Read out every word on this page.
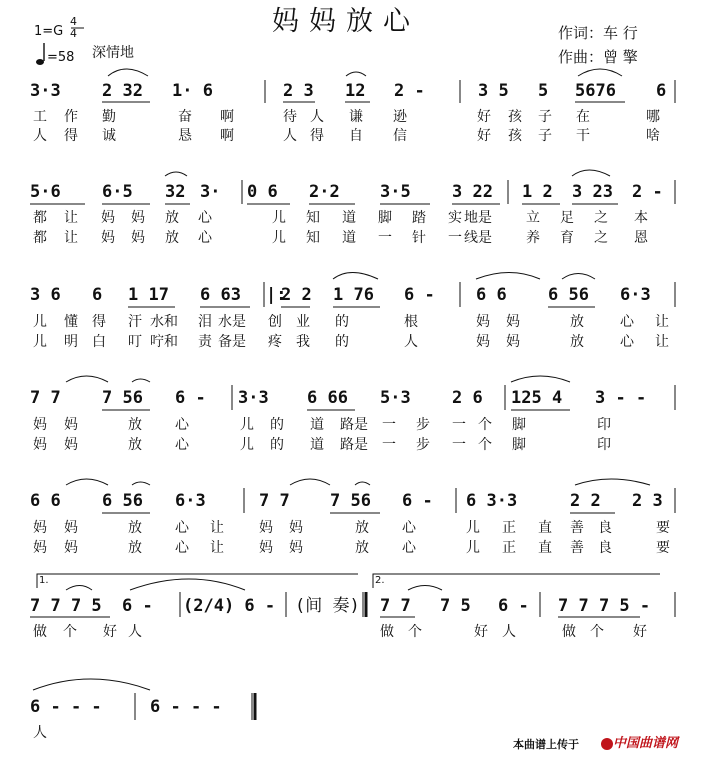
妈妈放心
1=G
4
4
=58 深情地
作词：车 行
作曲：曾 擎
3·3 2 32 1· 6	2 3 12 2 -	3 5 5 5676 6
工 作 勤	奋 啊	待 人 谦 逊	好 孩 子 在	哪
人 得 诚	恳 啊	人 得 自 信	好 孩 子 干	啥
5·6 6·5 32 3· 0 6 2·2 3·5 3 22 1 2 3 23 2 -
都 让 妈 妈 放 心	儿 知 道 脚 踏 实 地是 立 足 之 本
都 让 妈 妈 放 心	儿 知 道 一 针 一 线是 养 育 之 恩
3 6 6 1 17 6 63 |:
2 2 1 76 6 - 6 6 6 56 6·3
儿 懂 得 汗 水和 泪 水是 创 业 的	根	妈 妈	放	心 让
儿 明 白 叮 咛和 责 备是 疼 我 的	人	妈 妈	放	心 让
7 7 7 56 6 - 3·3 6 66 5·3 2 6 125 4 3 - -
妈 妈	放 心	儿 的 道 路是 一 步 一 个 脚	印
妈 妈	放 心	儿 的 道 路是 一 步 一 个 脚	印
6 6 6 56 6·3	7 7 7 56 6 - 6 3·3	2 2 2 3
妈 妈	放 心 让	妈 妈	放 心	儿 正 直 善 良	要
妈 妈	放 心 让	妈 妈	放 心	儿 正 直 善 良	要
1.	2.
7 7 7 5 6 - (2/4) 6 - (间 奏) 7 7 7 5 6 - 7 7 7 5 -
做 个 好 人	做 个	好 人	做 个 好
6 - - -	6 - - -
人
本曲谱上传于	中国曲谱网
